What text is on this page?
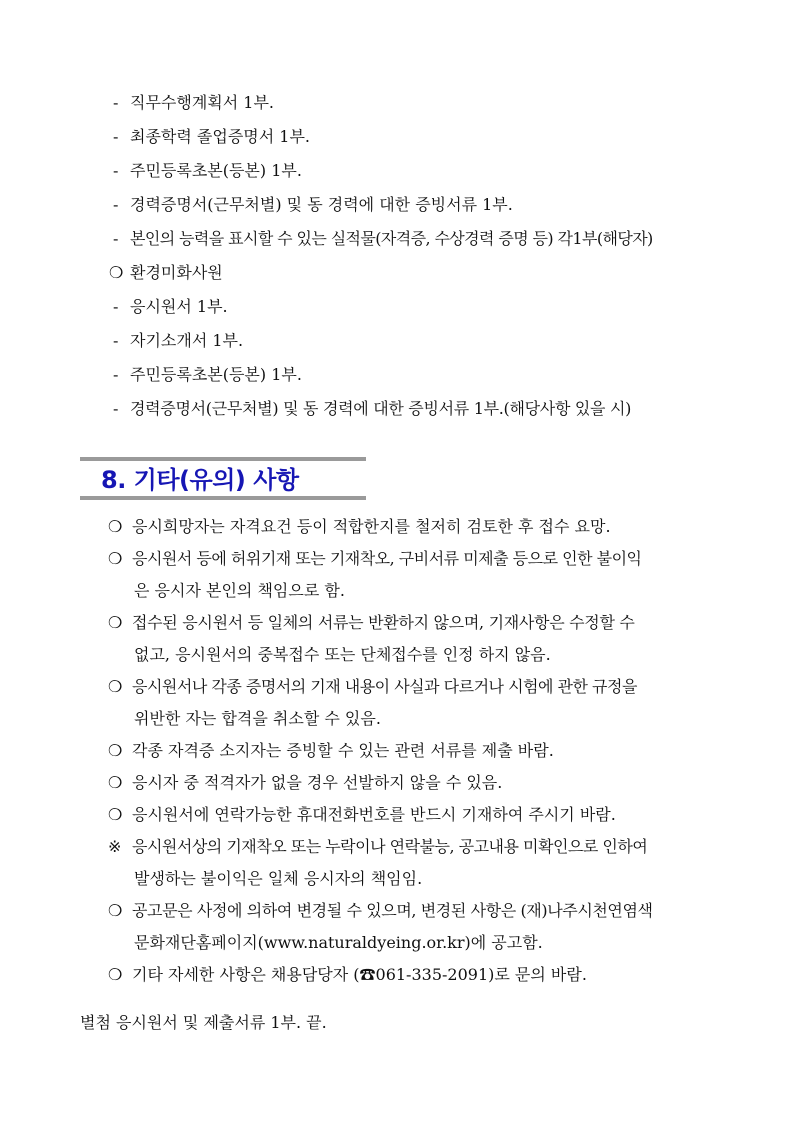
- 직무수행계획서 1부.
- 최종학력 졸업증명서 1부.
- 주민등록초본(등본) 1부.
- 경력증명서(근무처별) 및 동 경력에 대한 증빙서류 1부.
- 본인의 능력을 표시할 수 있는 실적물(자격증, 수상경력 증명 등) 각1부(해당자)
❍ 환경미화사원
- 응시원서 1부.
- 자기소개서 1부.
- 주민등록초본(등본) 1부.
- 경력증명서(근무처별) 및 동 경력에 대한 증빙서류 1부.(해당사항 있을 시)
8. 기타(유의) 사항
❍ 응시희망자는 자격요건 등이 적합한지를 철저히 검토한 후 접수 요망.
❍ 응시원서 등에 허위기재 또는 기재착오, 구비서류 미제출 등으로 인한 불이익
은 응시자 본인의 책임으로 함.
❍ 접수된 응시원서 등 일체의 서류는 반환하지 않으며, 기재사항은 수정할 수
없고, 응시원서의 중복접수 또는 단체접수를 인정 하지 않음.
❍ 응시원서나 각종 증명서의 기재 내용이 사실과 다르거나 시험에 관한 규정을
위반한 자는 합격을 취소할 수 있음.
❍ 각종 자격증 소지자는 증빙할 수 있는 관련 서류를 제출 바람.
❍ 응시자 중 적격자가 없을 경우 선발하지 않을 수 있음.
❍ 응시원서에 연락가능한 휴대전화번호를 반드시 기재하여 주시기 바람.
※ 응시원서상의 기재착오 또는 누락이나 연락불능, 공고내용 미확인으로 인하여
발생하는 불이익은 일체 응시자의 책임임.
❍ 공고문은 사정에 의하여 변경될 수 있으며, 변경된 사항은 (재)나주시천연염색
문화재단홈페이지(www.naturaldyeing.or.kr)에 공고함.
❍ 기타 자세한 사항은 채용담당자 (☎061-335-2091)로 문의 바람.
별첨 응시원서 및 제출서류 1부. 끝.
